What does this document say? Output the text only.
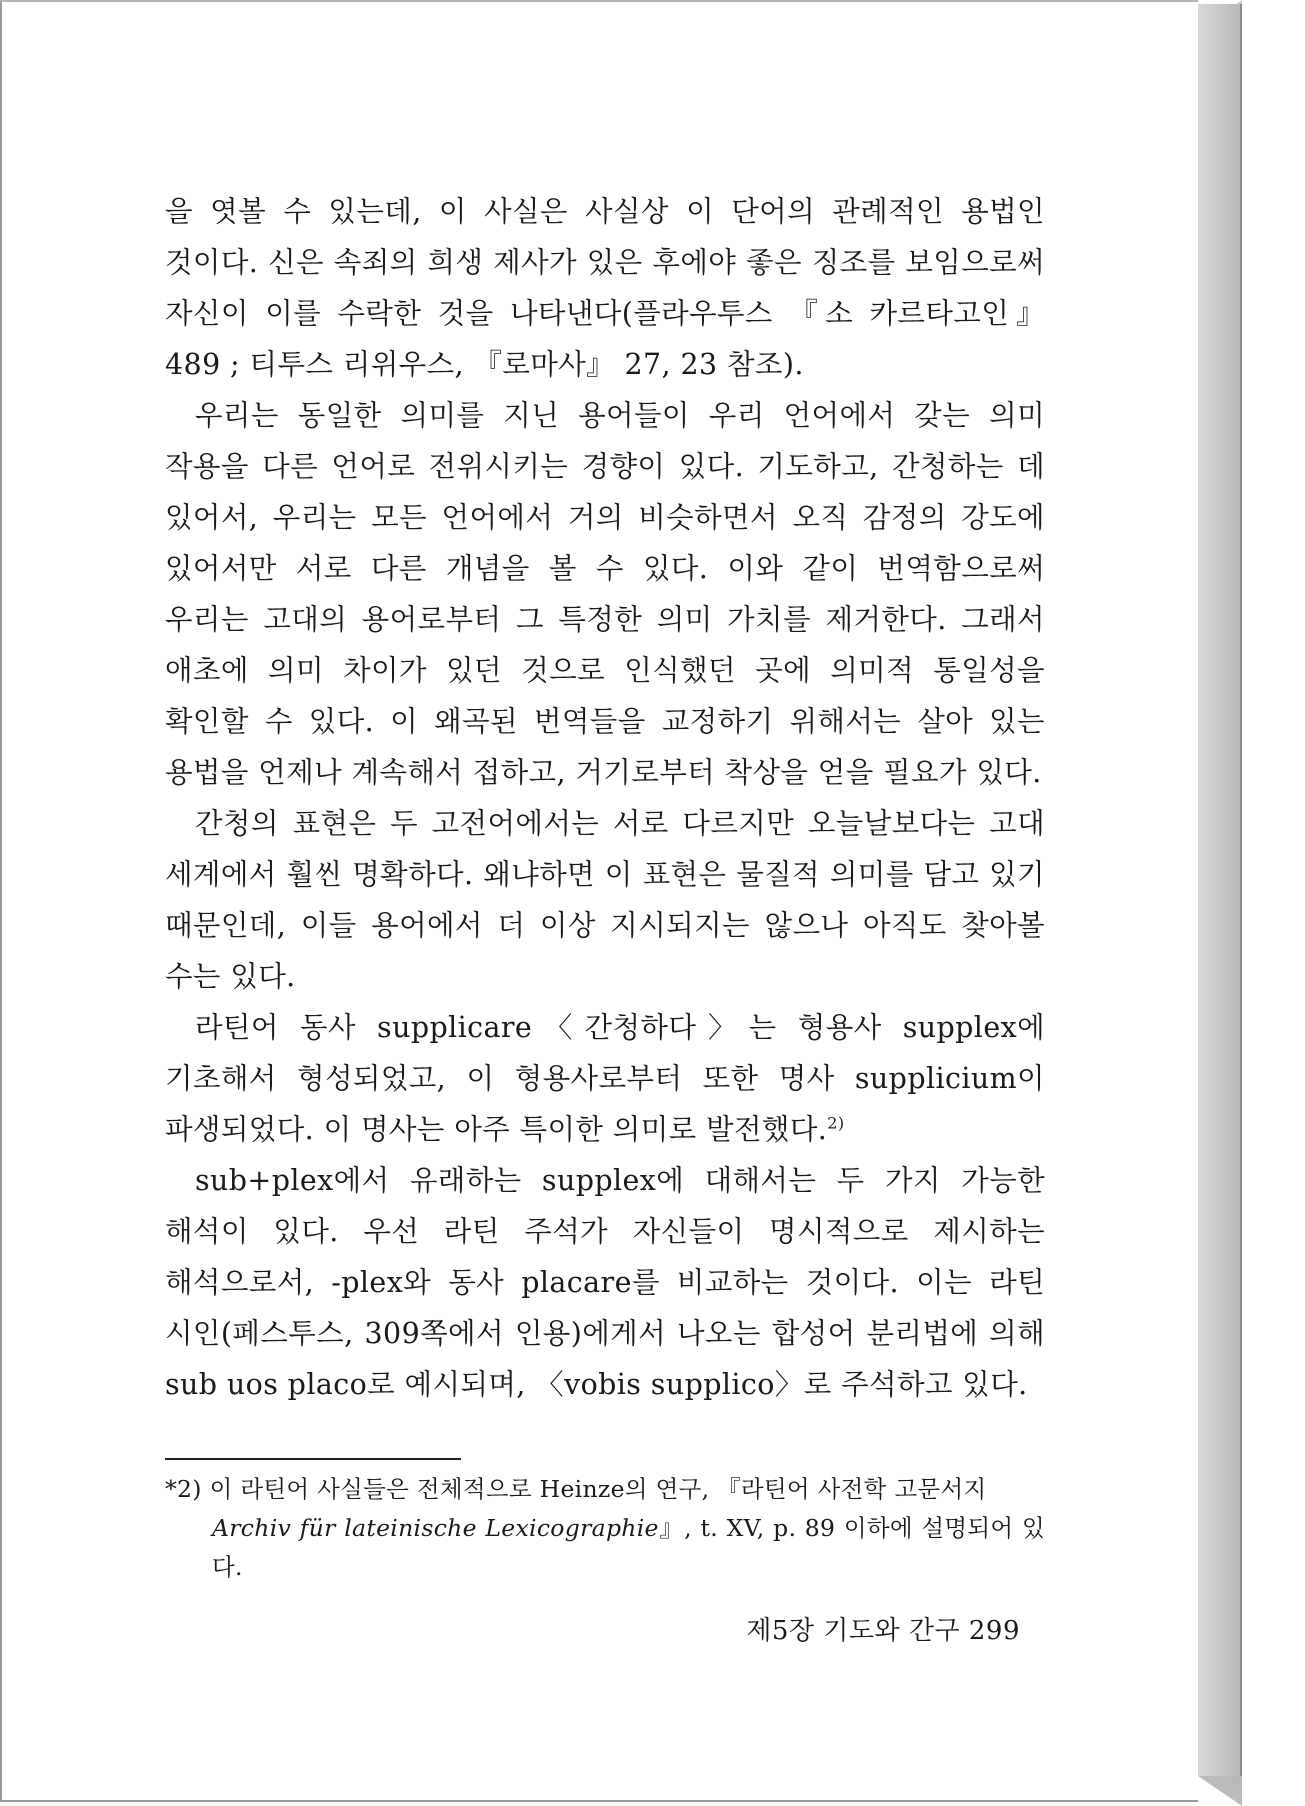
을 엿볼 수 있는데, 이 사실은 사실상 이 단어의 관례적인 용법인 것이다. 신은 속죄의 희생 제사가 있은 후에야 좋은 징조를 보임으로써 자신이 이를 수락한 것을 나타낸다(플라우투스 『소 카르타고인』 489 ; 티투스 리위우스, 『로마사』 27, 23 참조).

우리는 동일한 의미를 지닌 용어들이 우리 언어에서 갖는 의미 작용을 다른 언어로 전위시키는 경향이 있다. 기도하고, 간청하는 데 있어서, 우리는 모든 언어에서 거의 비슷하면서 오직 감정의 강도에 있어서만 서로 다른 개념을 볼 수 있다. 이와 같이 번역함으로써 우리는 고대의 용어로부터 그 특정한 의미 가치를 제거한다. 그래서 애초에 의미 차이가 있던 것으로 인식했던 곳에 의미적 통일성을 확인할 수 있다. 이 왜곡된 번역들을 교정하기 위해서는 살아 있는 용법을 언제나 계속해서 접하고, 거기로부터 착상을 얻을 필요가 있다.

간청의 표현은 두 고전어에서는 서로 다르지만 오늘날보다는 고대 세계에서 훨씬 명확하다. 왜냐하면 이 표현은 물질적 의미를 담고 있기 때문인데, 이들 용어에서 더 이상 지시되지는 않으나 아직도 찾아볼 수는 있다.

라틴어 동사 supplicare〈간청하다〉는 형용사 supplex에 기초해서 형성되었고, 이 형용사로부터 또한 명사 supplicium이 파생되었다. 이 명사는 아주 특이한 의미로 발전했다.$^{2)}$

sub+plex에서 유래하는 supplex에 대해서는 두 가지 가능한 해석이 있다. 우선 라틴 주석가 자신들이 명시적으로 제시하는 해석으로서, -plex와 동사 placare를 비교하는 것이다. 이는 라틴 시인(페스투스, 309쪽에서 인용)에게서 나오는 합성어 분리법에 의해 sub uos placo로 예시되며, 〈vobis supplico〉로 주석하고 있다.

*2) 이 라틴어 사실들은 전체적으로 Heinze의 연구, 『라틴어 사전학 고문서지
Archiv für lateinische Lexicographie』, t. XV, p. 89 이하에 설명되어 있다.
제5장 기도와 간구 299
